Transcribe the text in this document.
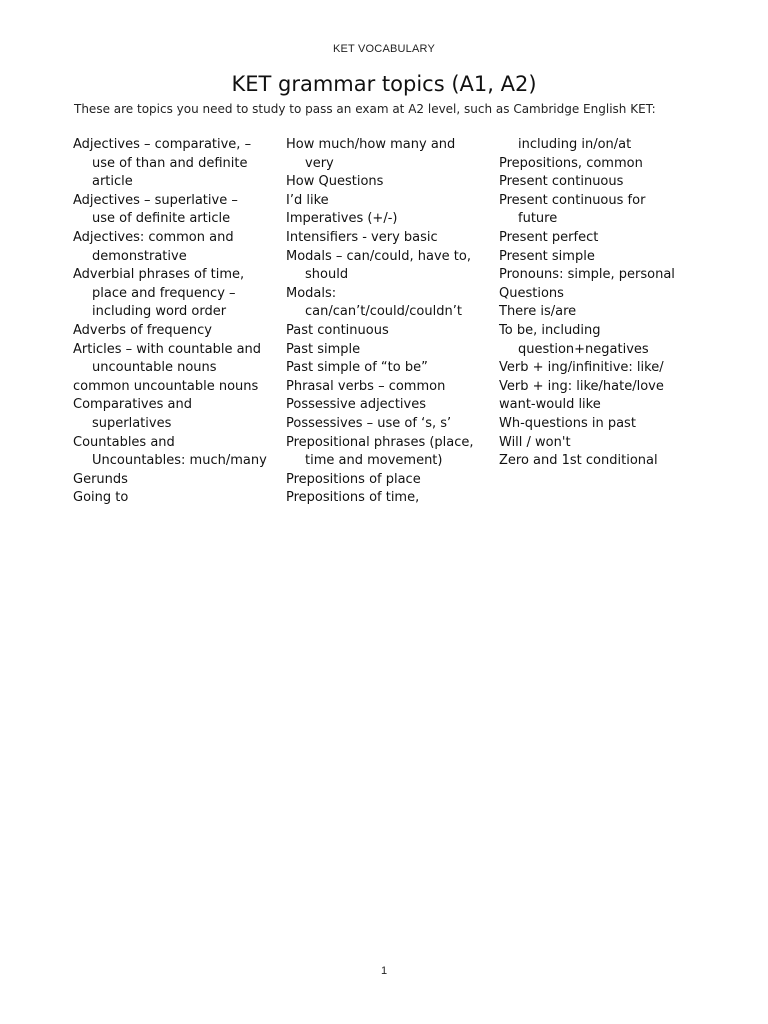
KET VOCABULARY
KET grammar topics (A1, A2)
These are topics you need to study to pass an exam at A2 level, such as Cambridge English KET:
Adjectives – comparative, –
use of than and definite
article
Adjectives – superlative –
use of definite article
Adjectives: common and
demonstrative
Adverbial phrases of time,
place and frequency –
including word order
Adverbs of frequency
Articles – with countable and
uncountable nouns
common uncountable nouns
Comparatives and
superlatives
Countables and
Uncountables: much/many
Gerunds
Going to
How much/how many and
very
How Questions
I’d like
Imperatives (+/-)
Intensifiers - very basic
Modals – can/could, have to,
should
Modals:
can/can’t/could/couldn’t
Past continuous
Past simple
Past simple of “to be”
Phrasal verbs – common
Possessive adjectives
Possessives – use of ‘s, s’
Prepositional phrases (place,
time and movement)
Prepositions of place
Prepositions of time,
including in/on/at
Prepositions, common
Present continuous
Present continuous for
future
Present perfect
Present simple
Pronouns: simple, personal
Questions
There is/are
To be, including
question+negatives
Verb + ing/infinitive: like/
Verb + ing: like/hate/love
want-would like
Wh-questions in past
Will / won't
Zero and 1st conditional
1
